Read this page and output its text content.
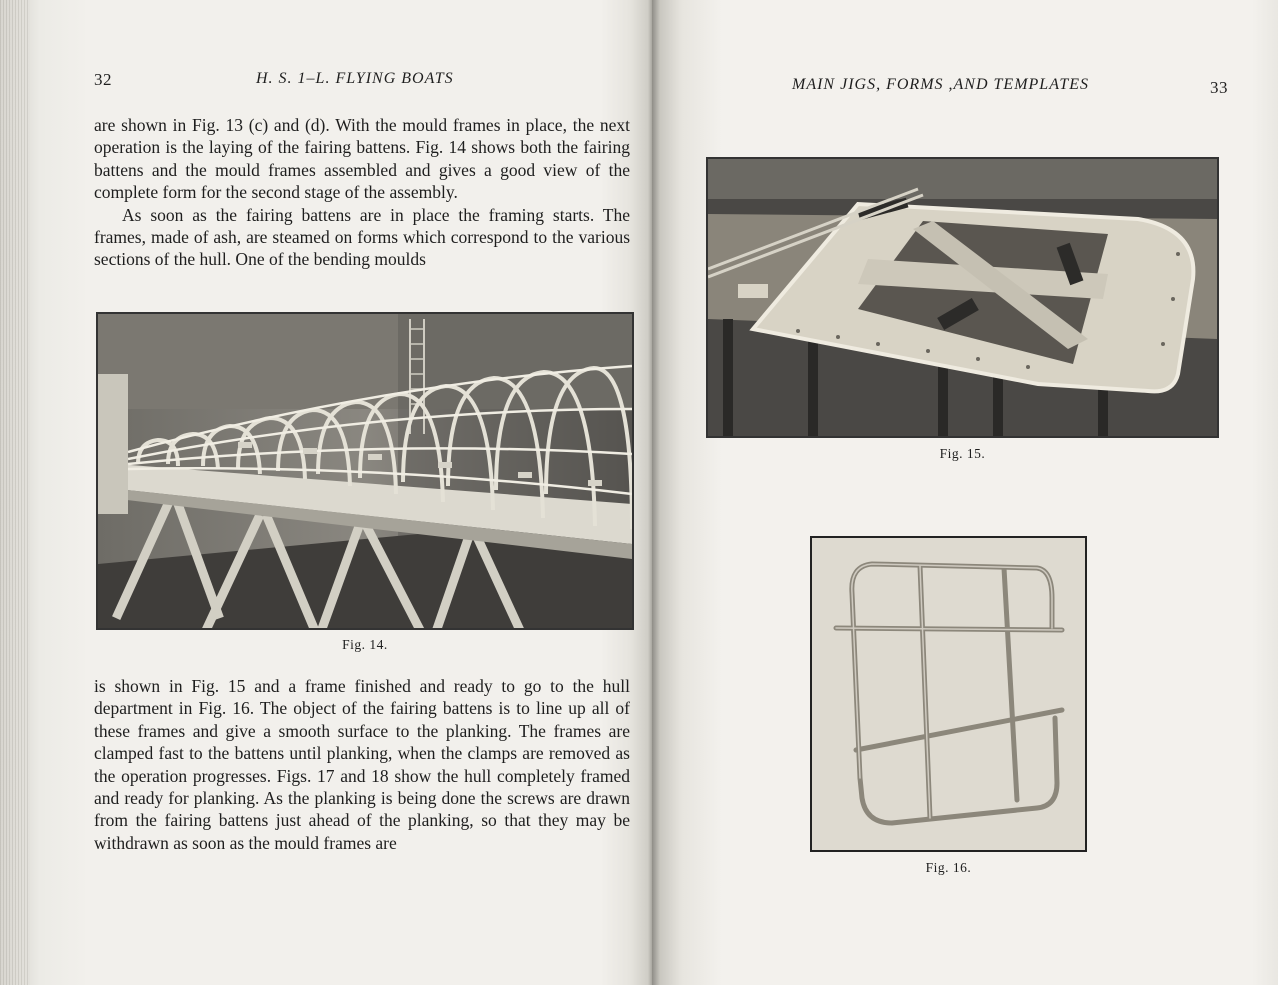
32	H. S. 1–L. FLYING BOATS

are shown in Fig. 13 (c) and (d). With the mould frames in place, the next operation is the laying of the fairing battens. Fig. 14 shows both the fairing battens and the mould frames assembled and gives a good view of the complete form for the second stage of the assembly.

As soon as the fairing battens are in place the framing starts. The frames, made of ash, are steamed on forms which correspond to the various sections of the hull. One of the bending moulds

Fig. 14.

is shown in Fig. 15 and a frame finished and ready to go to the hull department in Fig. 16. The object of the fairing battens is to line up all of these frames and give a smooth surface to the planking. The frames are clamped fast to the battens until planking, when the clamps are removed as the operation progresses. Figs. 17 and 18 show the hull completely framed and ready for planking. As the planking is being done the screws are drawn from the fairing battens just ahead of the planking, so that they may be withdrawn as soon as the mould frames are

MAIN JIGS, FORMS ,AND TEMPLATES	33
Fig. 15.
Fig. 16.
